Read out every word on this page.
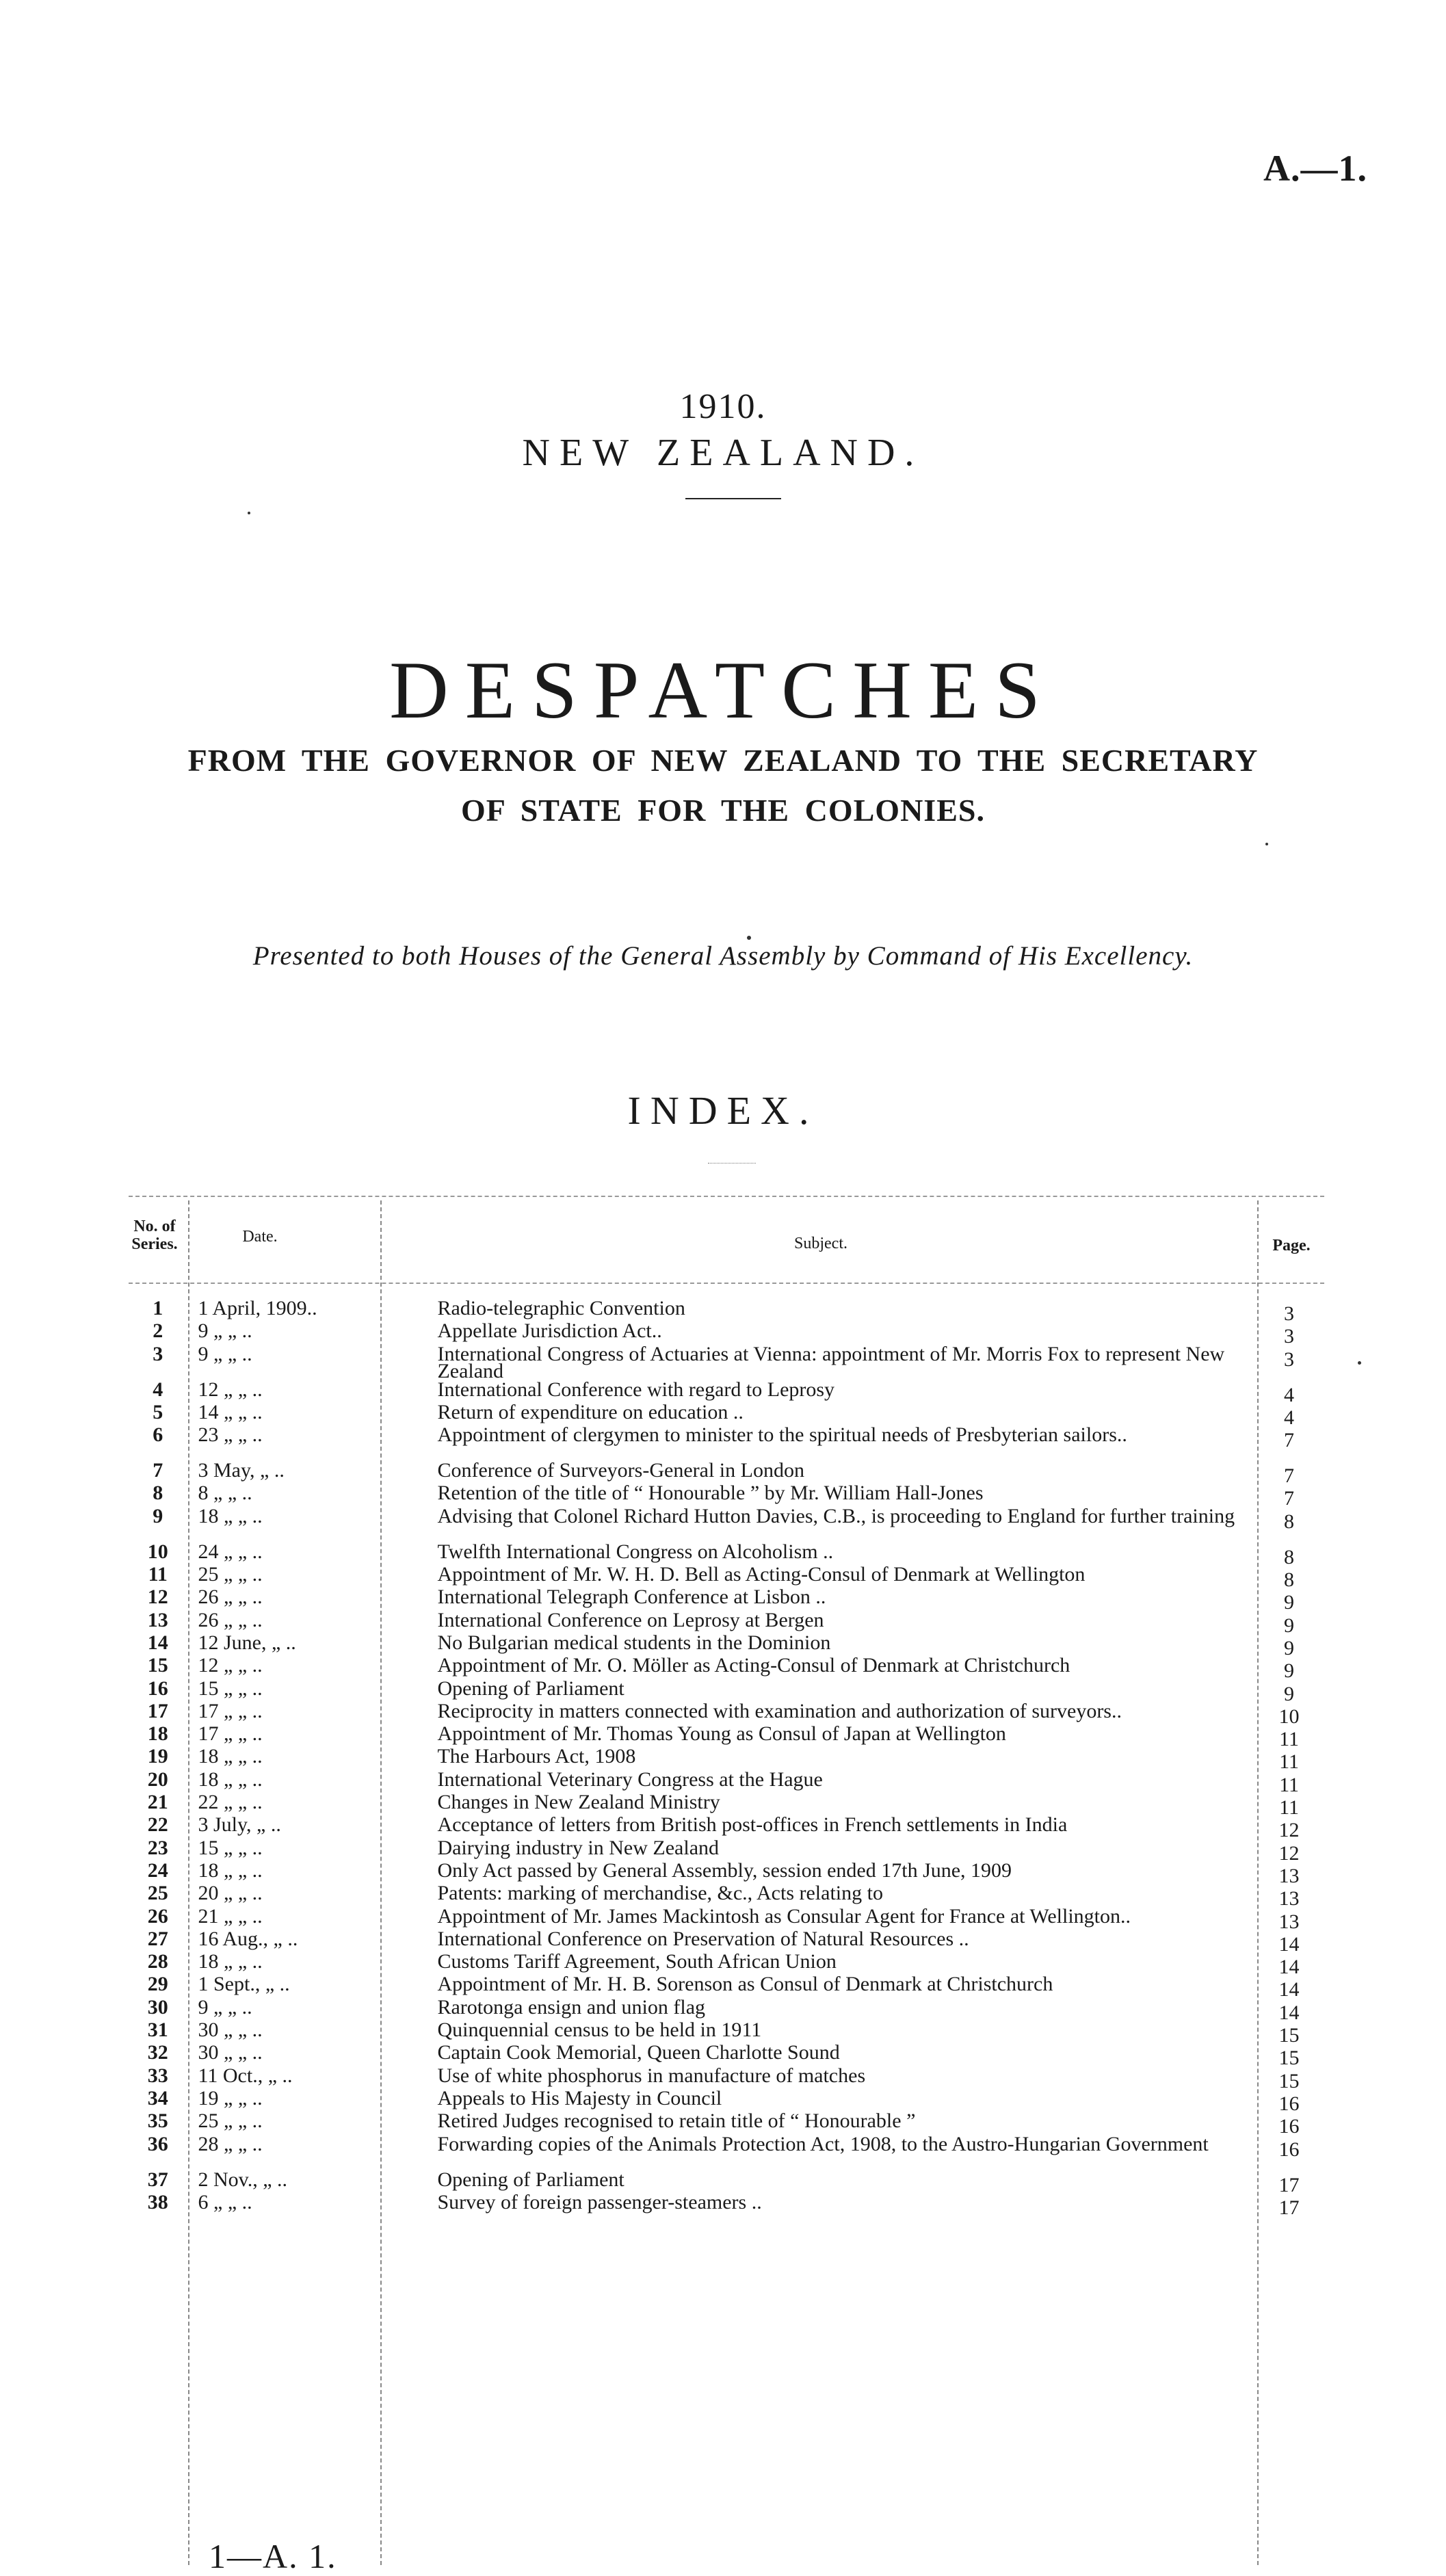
A.—1.
1910.
NEW ZEALAND.
DESPATCHES
FROM THE GOVERNOR OF NEW ZEALAND TO THE SECRETARY
OF STATE FOR THE COLONIES.
Presented to both Houses of the General Assembly by Command of His Excellency.
INDEX.
No. of Series.	Date.	Subject.	Page.
1	1 April, 1909..	Radio-telegraphic Convention	3
2	9 „ „ ..	Appellate Jurisdiction Act..	3
3	9 „ „ ..	International Congress of Actuaries at Vienna: appointment of Mr. Morris Fox to represent New Zealand	3
4	12 „ „ ..	International Conference with regard to Leprosy	4
5	14 „ „ ..	Return of expenditure on education ..	4
6	23 „ „ ..	Appointment of clergymen to minister to the spiritual needs of Presbyterian sailors..	7
7	3 May, „ ..	Conference of Surveyors-General in London	7
8	8 „ „ ..	Retention of the title of “ Honourable ” by Mr. William Hall-Jones	7
9	18 „ „ ..	Advising that Colonel Richard Hutton Davies, C.B., is proceeding to England for further training	8
10	24 „ „ ..	Twelfth International Congress on Alcoholism ..	8
11	25 „ „ ..	Appointment of Mr. W. H. D. Bell as Acting-Consul of Denmark at Wellington	8
12	26 „ „ ..	International Telegraph Conference at Lisbon ..	9
13	26 „ „ ..	International Conference on Leprosy at Bergen	9
14	12 June, „ ..	No Bulgarian medical students in the Dominion	9
15	12 „ „ ..	Appointment of Mr. O. Möller as Acting-Consul of Denmark at Christchurch	9
16	15 „ „ ..	Opening of Parliament	9
17	17 „ „ ..	Reciprocity in matters connected with examination and authorization of surveyors..	10
18	17 „ „ ..	Appointment of Mr. Thomas Young as Consul of Japan at Wellington	11
19	18 „ „ ..	The Harbours Act, 1908	11
20	18 „ „ ..	International Veterinary Congress at the Hague	11
21	22 „ „ ..	Changes in New Zealand Ministry	11
22	3 July, „ ..	Acceptance of letters from British post-offices in French settlements in India	12
23	15 „ „ ..	Dairying industry in New Zealand	12
24	18 „ „ ..	Only Act passed by General Assembly, session ended 17th June, 1909	13
25	20 „ „ ..	Patents: marking of merchandise, &c., Acts relating to	13
26	21 „ „ ..	Appointment of Mr. James Mackintosh as Consular Agent for France at Wellington..	13
27	16 Aug., „ ..	International Conference on Preservation of Natural Resources ..	14
28	18 „ „ ..	Customs Tariff Agreement, South African Union	14
29	1 Sept., „ ..	Appointment of Mr. H. B. Sorenson as Consul of Denmark at Christchurch	14
30	9 „ „ ..	Rarotonga ensign and union flag	14
31	30 „ „ ..	Quinquennial census to be held in 1911	15
32	30 „ „ ..	Captain Cook Memorial, Queen Charlotte Sound	15
33	11 Oct., „ ..	Use of white phosphorus in manufacture of matches	15
34	19 „ „ ..	Appeals to His Majesty in Council	16
35	25 „ „ ..	Retired Judges recognised to retain title of “ Honourable ”	16
36	28 „ „ ..	Forwarding copies of the Animals Protection Act, 1908, to the Austro-Hungarian Government	16
37	2 Nov., „ ..	Opening of Parliament	17
38	6 „ „ ..	Survey of foreign passenger-steamers ..	17
1—A. 1.
